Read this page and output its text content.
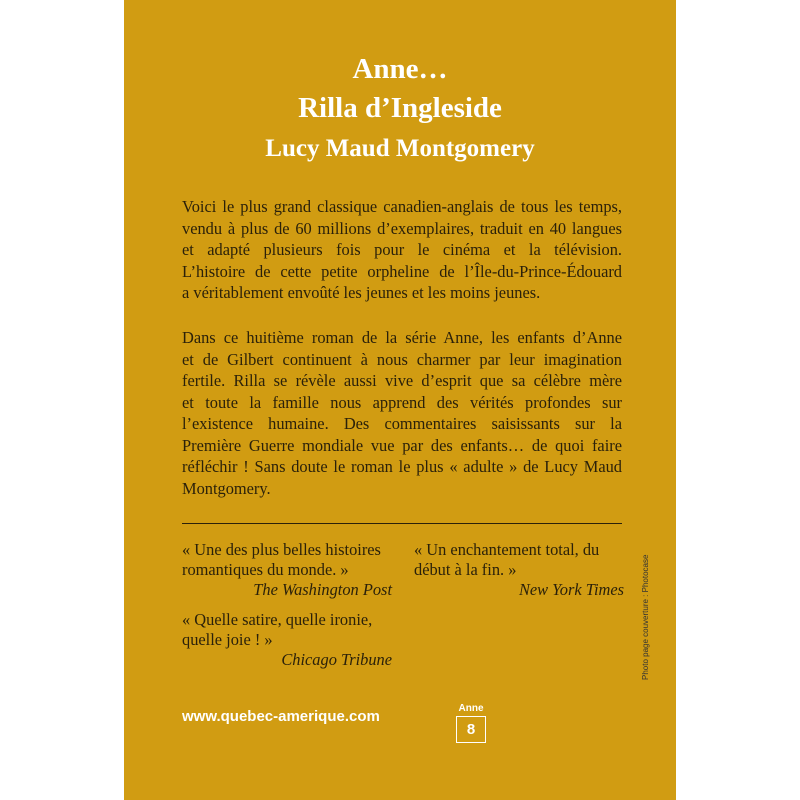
Anne…
Rilla d’Ingleside
Lucy Maud Montgomery
Voici le plus grand classique canadien-anglais de tous les temps,
vendu à plus de 60 millions d’exemplaires, traduit en 40 langues
et adapté plusieurs fois pour le cinéma et la télévision.
L’histoire de cette petite orpheline de l’Île-du-Prince-Édouard
a véritablement envoûté les jeunes et les moins jeunes.
Dans ce huitième roman de la série Anne, les enfants d’Anne
et de Gilbert continuent à nous charmer par leur imagination
fertile. Rilla se révèle aussi vive d’esprit que sa célèbre mère
et toute la famille nous apprend des vérités profondes sur
l’existence humaine. Des commentaires saisissants sur la
Première Guerre mondiale vue par des enfants… de quoi faire
réfléchir ! Sans doute le roman le plus « adulte » de Lucy Maud
Montgomery.
« Une des plus belles histoires romantiques du monde. »
The Washington Post
« Un enchantement total, du début à la fin. »
New York Times
« Quelle satire, quelle ironie, quelle joie ! »
Chicago Tribune
www.quebec-amerique.com	Anne
8
Photo page couverture : Photocase
